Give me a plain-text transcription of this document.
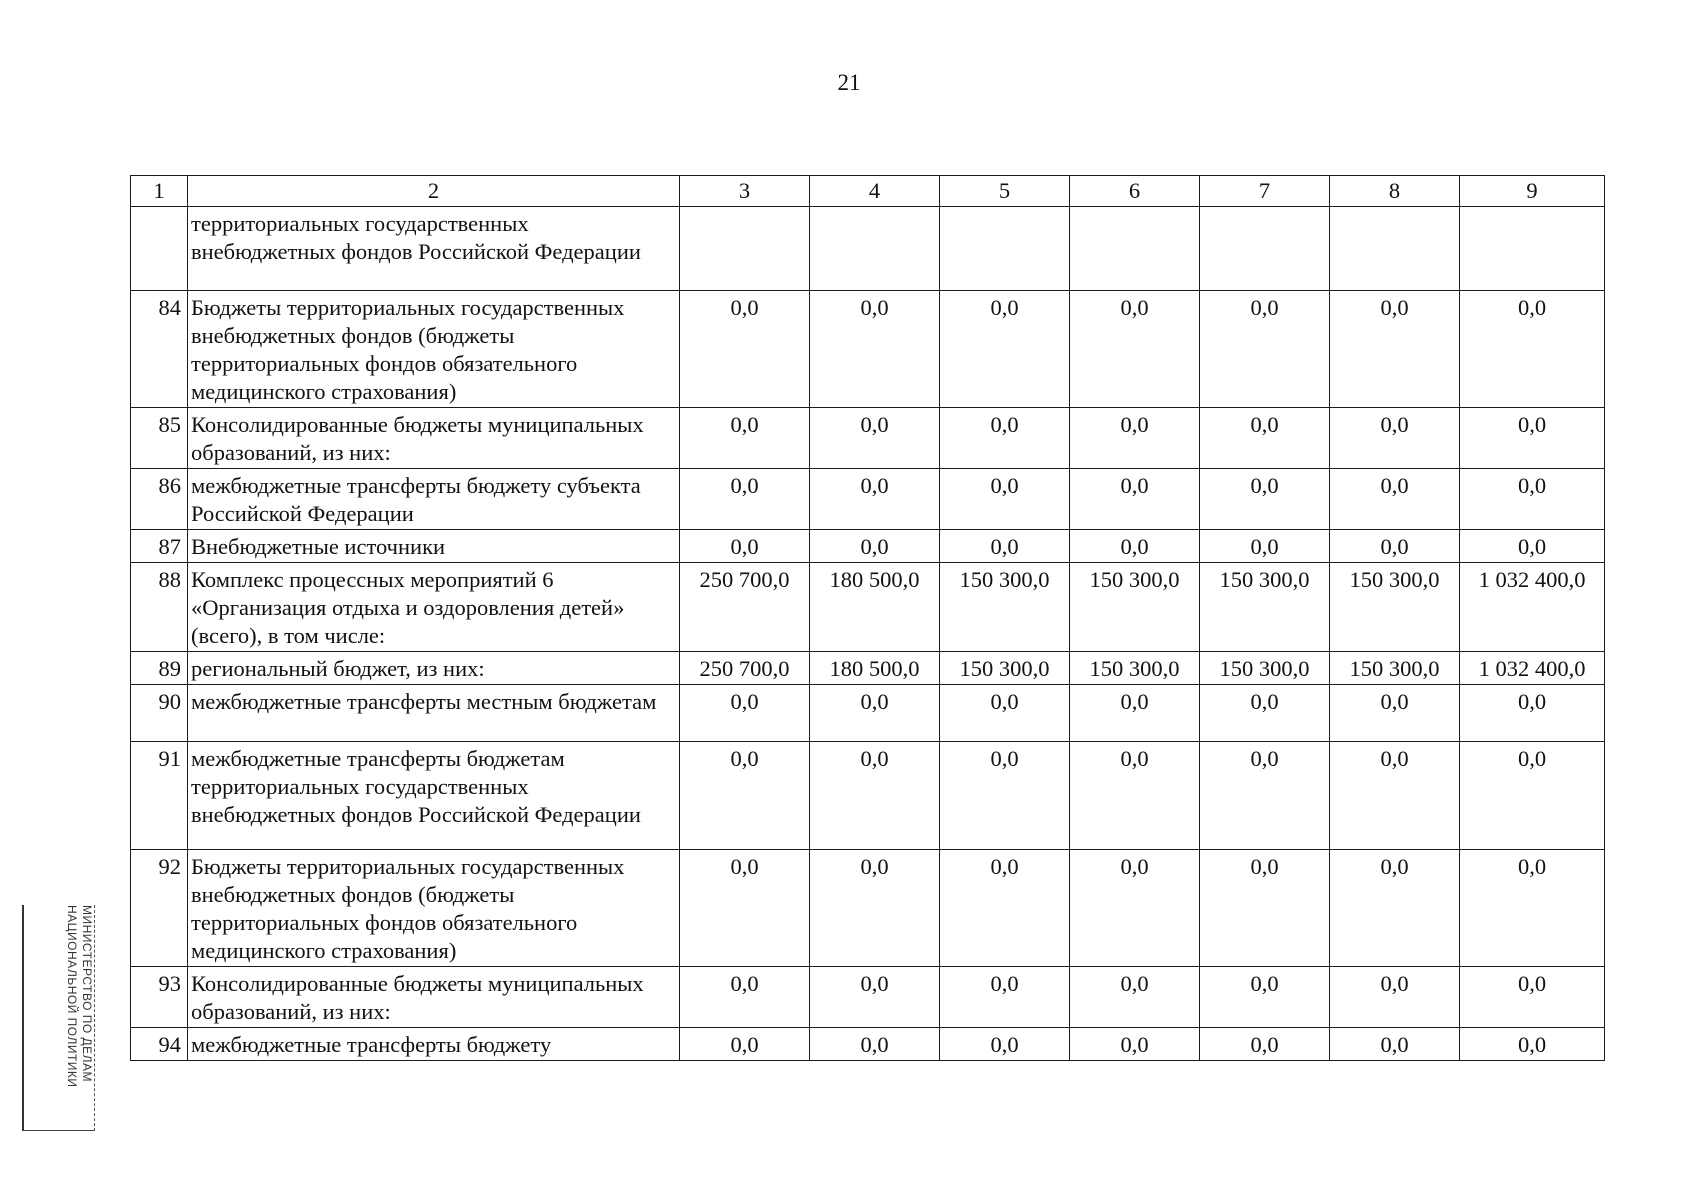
21
1	2	3	4	5	6	7	8	9
	территориальных государственных внебюджетных фондов Российской Федерации							
84	Бюджеты территориальных государственных внебюджетных фондов (бюджеты территориальных фондов обязательного медицинского страхования)	0,0	0,0	0,0	0,0	0,0	0,0	0,0
85	Консолидированные бюджеты муниципальных образований, из них:	0,0	0,0	0,0	0,0	0,0	0,0	0,0
86	межбюджетные трансферты бюджету субъекта Российской Федерации	0,0	0,0	0,0	0,0	0,0	0,0	0,0
87	Внебюджетные источники	0,0	0,0	0,0	0,0	0,0	0,0	0,0
88	Комплекс процессных мероприятий 6 «Организация отдыха и оздоровления детей» (всего), в том числе:	250 700,0	180 500,0	150 300,0	150 300,0	150 300,0	150 300,0	1 032 400,0
89	региональный бюджет, из них:	250 700,0	180 500,0	150 300,0	150 300,0	150 300,0	150 300,0	1 032 400,0
90	межбюджетные трансферты местным бюджетам	0,0	0,0	0,0	0,0	0,0	0,0	0,0
91	межбюджетные трансферты бюджетам территориальных государственных внебюджетных фондов Российской Федерации	0,0	0,0	0,0	0,0	0,0	0,0	0,0
92	Бюджеты территориальных государственных внебюджетных фондов (бюджеты территориальных фондов обязательного медицинского страхования)	0,0	0,0	0,0	0,0	0,0	0,0	0,0
93	Консолидированные бюджеты муниципальных образований, из них:	0,0	0,0	0,0	0,0	0,0	0,0	0,0
94	межбюджетные трансферты бюджету	0,0	0,0	0,0	0,0	0,0	0,0	0,0
МИНИСТЕРСТВО ПО ДЕЛАМ
НАЦИОНАЛЬНОЙ ПОЛИТИКИ
